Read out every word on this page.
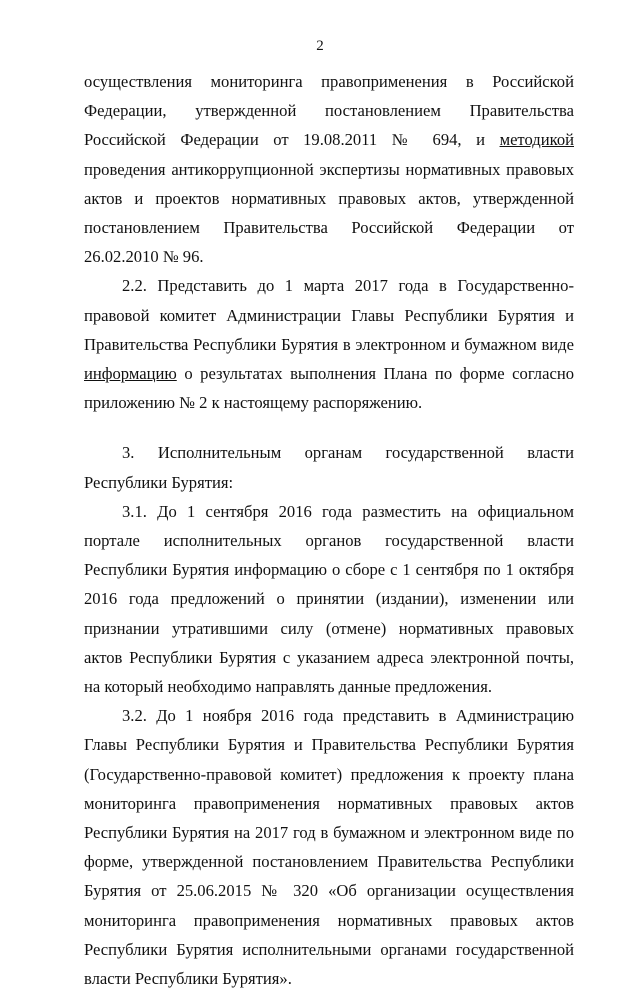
2

осуществления мониторинга правоприменения в Российской Федерации, утвержденной постановлением Правительства Российской Федерации от 19.08.2011 № 694, и методикой проведения антикоррупционной экспертизы нормативных правовых актов и проектов нормативных правовых актов, утвержденной постановлением Правительства Российской Федерации от 26.02.2010 № 96.

2.2. Представить до 1 марта 2017 года в Государственно-правовой комитет Администрации Главы Республики Бурятия и Правительства Республики Бурятия в электронном и бумажном виде информацию о результатах выполнения Плана по форме согласно приложению № 2 к настоящему распоряжению.

3. Исполнительным органам государственной власти Республики Бурятия:

3.1. До 1 сентября 2016 года разместить на официальном портале исполнительных органов государственной власти Республики Бурятия информацию о сборе с 1 сентября по 1 октября 2016 года предложений о принятии (издании), изменении или признании утратившими силу (отмене) нормативных правовых актов Республики Бурятия с указанием адреса электронной почты, на который необходимо направлять данные предложения.

3.2. До 1 ноября 2016 года представить в Администрацию Главы Республики Бурятия и Правительства Республики Бурятия (Государственно-правовой комитет) предложения к проекту плана мониторинга правоприменения нормативных правовых актов Республики Бурятия на 2017 год в бумажном и электронном виде по форме, утвержденной постановлением Правительства Республики Бурятия от 25.06.2015 № 320 «Об организации осуществления мониторинга правоприменения нормативных правовых актов Республики Бурятия исполнительными органами государственной власти Республики Бурятия».
